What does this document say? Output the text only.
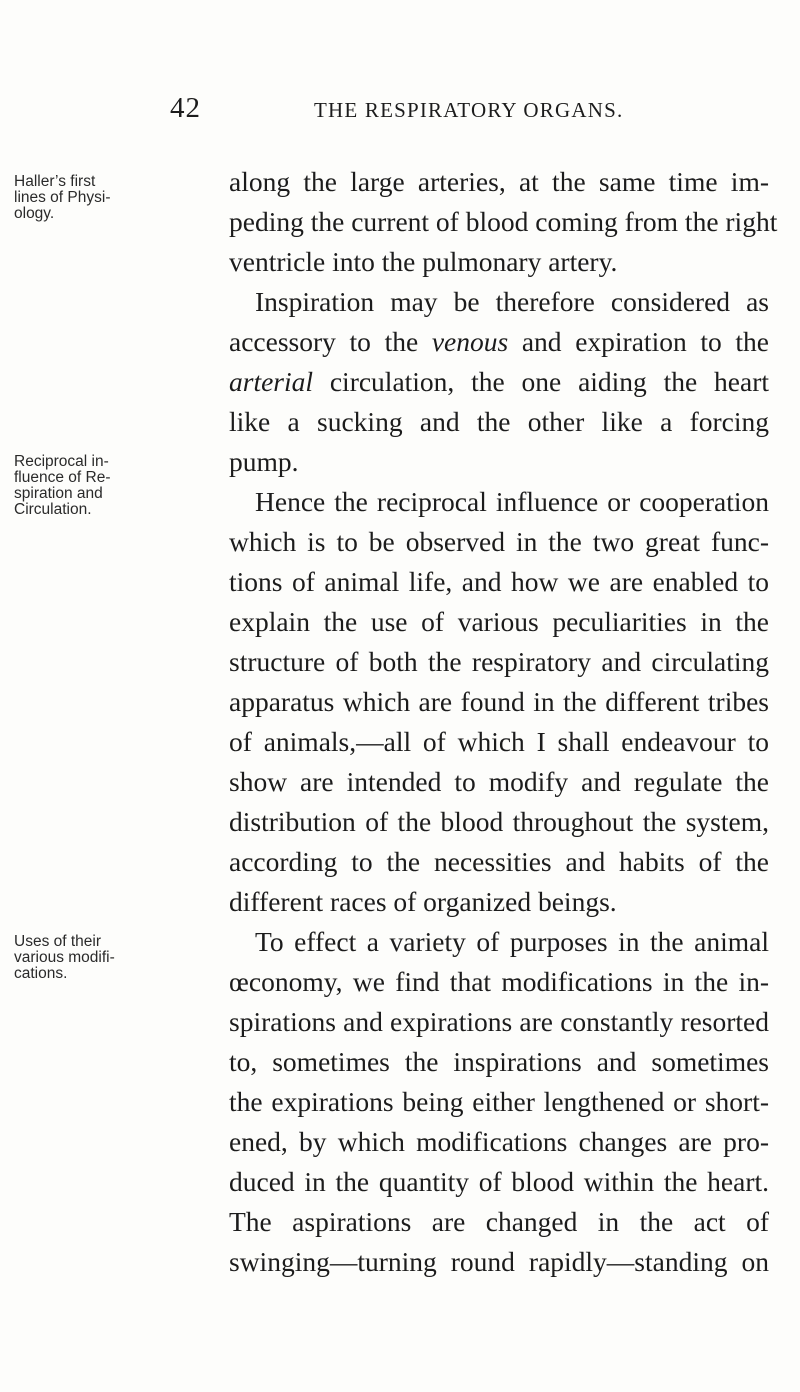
42	THE RESPIRATORY ORGANS.
Haller’s first
lines of Physi-
ology.
Reciprocal in-
fluence of Re-
spiration and
Circulation.
Uses of their
various modifi-
cations.
along the large arteries, at the same time im-
peding the current of blood coming from the right
ventricle into the pulmonary artery.
Inspiration may be therefore considered as
accessory to the venous and expiration to the
arterial circulation, the one aiding the heart
like a sucking and the other like a forcing
pump.
Hence the reciprocal influence or cooperation
which is to be observed in the two great func-
tions of animal life, and how we are enabled to
explain the use of various peculiarities in the
structure of both the respiratory and circulating
apparatus which are found in the different tribes
of animals,—all of which I shall endeavour to
show are intended to modify and regulate the
distribution of the blood throughout the system,
according to the necessities and habits of the
different races of organized beings.
To effect a variety of purposes in the animal
œconomy, we find that modifications in the in-
spirations and expirations are constantly resorted
to, sometimes the inspirations and sometimes
the expirations being either lengthened or short-
ened, by which modifications changes are pro-
duced in the quantity of blood within the heart.
The aspirations are changed in the act of
swinging—turning round rapidly—standing on
